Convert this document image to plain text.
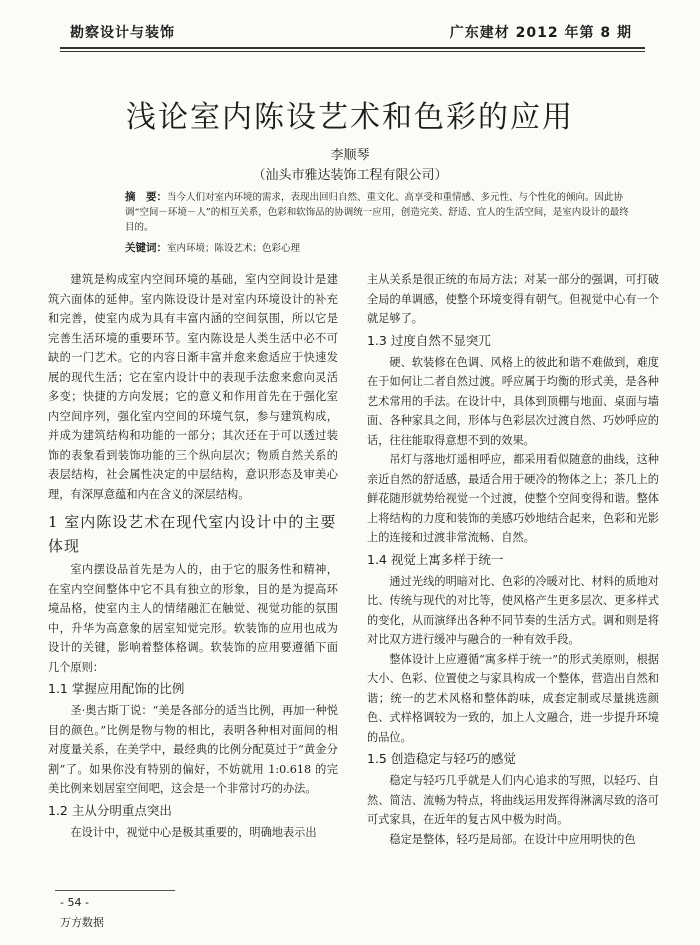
勘察设计与装饰	广东建材 2012 年第 8 期
浅论室内陈设艺术和色彩的应用
李顺琴
（汕头市雅达装饰工程有限公司）
摘　要：当今人们对室内环境的需求，表现出回归自然、重文化、高享受和重情感、多元性、与个性化的倾向。因此协调“空间－环境－人”的相互关系，色彩和软饰品的协调统一应用，创造完美、舒适、宜人的生活空间，是室内设计的最终目的。
关键词：室内环境；陈设艺术；色彩心理

建筑是构成室内空间环境的基础，室内空间设计是建筑六面体的延伸。室内陈设设计是对室内环境设计的补充和完善，使室内成为具有丰富内涵的空间氛围，所以它是完善生活环境的重要环节。室内陈设是人类生活中必不可缺的一门艺术。它的内容日渐丰富并愈来愈适应于快速发展的现代生活；它在室内设计中的表现手法愈来愈向灵活多变；快捷的方向发展；它的意义和作用首先在于强化室内空间序列，强化室内空间的环境气氛，参与建筑构成，并成为建筑结构和功能的一部分；其次还在于可以透过装饰的表象看到装饰功能的三个纵向层次；物质自然关系的表层结构，社会属性决定的中层结构，意识形态及审美心理，有深厚意蕴和内在含义的深层结构。

1 室内陈设艺术在现代室内设计中的主要体现

室内摆设品首先是为人的，由于它的服务性和精神，在室内空间整体中它不具有独立的形象，目的是为提高环境品格，使室内主人的情绪融汇在触觉、视觉功能的氛围中，升华为高意象的居室知觉完形。软装饰的应用也成为设计的关键，影响着整体格调。软装饰的应用要遵循下面几个原则：

1.1 掌握应用配饰的比例

圣·奥古斯丁说：“美是各部分的适当比例，再加一种悦目的颜色。”比例是物与物的相比，表明各种相对面间的相对度量关系，在美学中，最经典的比例分配莫过于“黄金分割”了。如果你没有特别的偏好，不妨就用 1:0.618 的完美比例来划居室空间吧，这会是一个非常讨巧的办法。

1.2 主从分明重点突出

在设计中，视觉中心是极其重要的，明确地表示出

主从关系是很正统的布局方法；对某一部分的强调，可打破全局的单调感，使整个环境变得有朝气。但视觉中心有一个就足够了。

1.3 过度自然不显突兀

硬、软装修在色调、风格上的彼此和谐不难做到，难度在于如何让二者自然过渡。呼应属于均衡的形式美，是各种艺术常用的手法。在设计中，具体到顶棚与地面、桌面与墙面、各种家具之间，形体与色彩层次过渡自然、巧妙呼应的话，往往能取得意想不到的效果。

吊灯与落地灯遥相呼应，都采用看似随意的曲线，这种亲近自然的舒适感，最适合用于硬冷的物体之上；茶几上的鲜花随形就势给视觉一个过渡，使整个空间变得和谐。整体上将结构的力度和装饰的美感巧妙地结合起来，色彩和光影上的连接和过渡非常流畅、自然。

1.4 视觉上寓多样于统一

通过光线的明暗对比、色彩的冷暖对比、材料的质地对比、传统与现代的对比等，使风格产生更多层次、更多样式的变化，从而演绎出各种不同节奏的生活方式。调和则是将对比双方进行缓冲与融合的一种有效手段。

整体设计上应遵循“寓多样于统一”的形式美原则，根据大小、色彩、位置使之与家具构成一个整体，营造出自然和谐；统一的艺术风格和整体韵味，成套定制或尽量挑选颜色、式样格调较为一致的，加上人文融合，进一步提升环境的品位。

1.5 创造稳定与轻巧的感觉

稳定与轻巧几乎就是人们内心追求的写照，以轻巧、自然、简洁、流畅为特点，将曲线运用发挥得淋漓尽致的洛可可式家具，在近年的复古风中极为时尚。

稳定是整体，轻巧是局部。在设计中应用明快的色

- 54 -
万方数据
